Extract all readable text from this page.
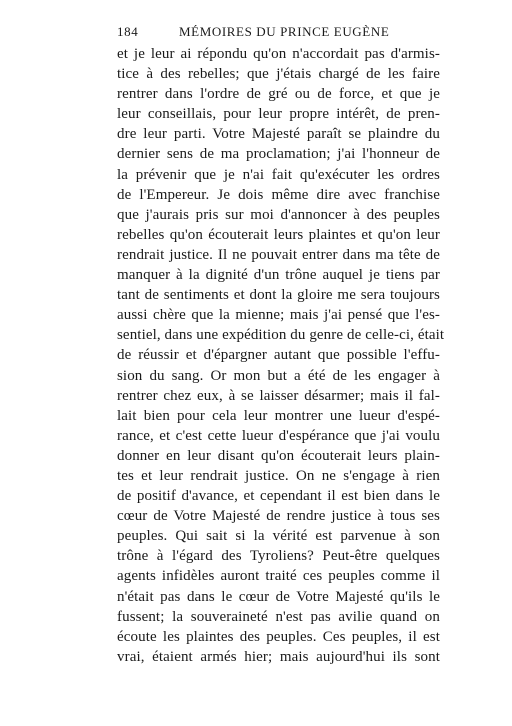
184	MÉMOIRES DU PRINCE EUGÈNE
et je leur ai répondu qu'on n'accordait pas d'armis-
tice à des rebelles; que j'étais chargé de les faire
rentrer dans l'ordre de gré ou de force, et que je
leur conseillais, pour leur propre intérêt, de pren-
dre leur parti. Votre Majesté paraît se plaindre du
dernier sens de ma proclamation; j'ai l'honneur de
la prévenir que je n'ai fait qu'exécuter les ordres
de l'Empereur. Je dois même dire avec franchise
que j'aurais pris sur moi d'annoncer à des peuples
rebelles qu'on écouterait leurs plaintes et qu'on leur
rendrait justice. Il ne pouvait entrer dans ma tête de
manquer à la dignité d'un trône auquel je tiens par
tant de sentiments et dont la gloire me sera toujours
aussi chère que la mienne; mais j'ai pensé que l'es-
sentiel, dans une expédition du genre de celle-ci, était
de réussir et d'épargner autant que possible l'effu-
sion du sang. Or mon but a été de les engager à
rentrer chez eux, à se laisser désarmer; mais il fal-
lait bien pour cela leur montrer une lueur d'espé-
rance, et c'est cette lueur d'espérance que j'ai voulu
donner en leur disant qu'on écouterait leurs plain-
tes et leur rendrait justice. On ne s'engage à rien
de positif d'avance, et cependant il est bien dans le
cœur de Votre Majesté de rendre justice à tous ses
peuples. Qui sait si la vérité est parvenue à son
trône à l'égard des Tyroliens? Peut-être quelques
agents infidèles auront traité ces peuples comme il
n'était pas dans le cœur de Votre Majesté qu'ils le
fussent; la souveraineté n'est pas avilie quand on
écoute les plaintes des peuples. Ces peuples, il est
vrai, étaient armés hier; mais aujourd'hui ils sont
